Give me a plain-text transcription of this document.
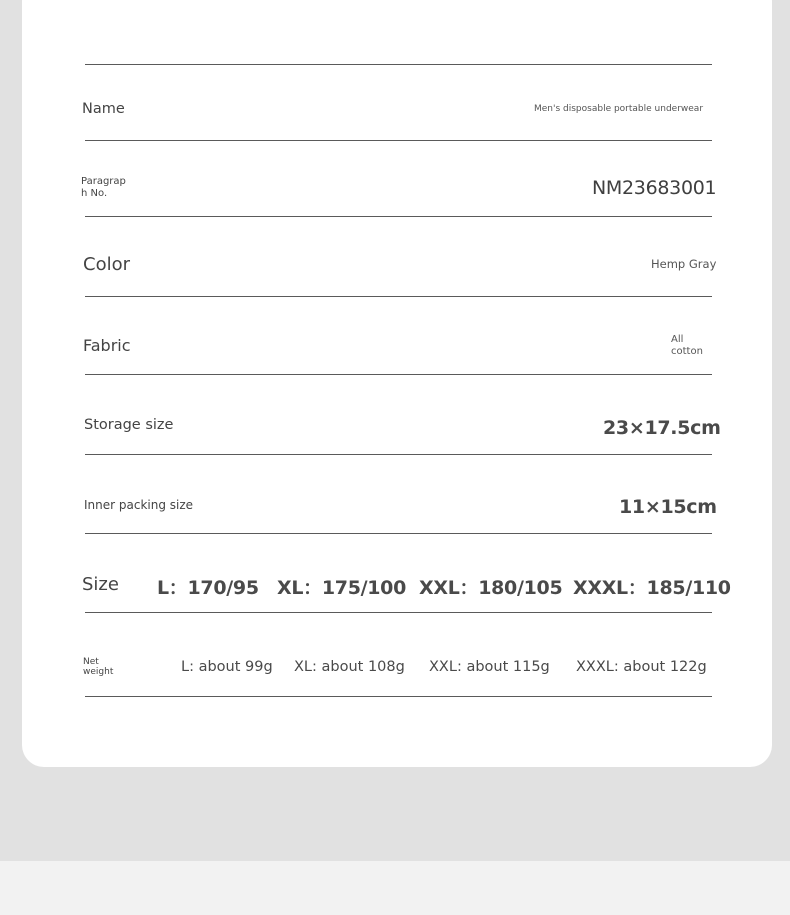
Name	Men's disposable portable underwear
Paragrap
h No.	NM23683001
Color	Hemp Gray
Fabric	All
cotton
Storage size	23×17.5cm
Inner packing size	11×15cm
Size L：170/95 XL：175/100 XXL：180/105 XXXL：185/110
Net
weight	L: about 99g XL: about 108g XXL: about 115g XXXL: about 122g
